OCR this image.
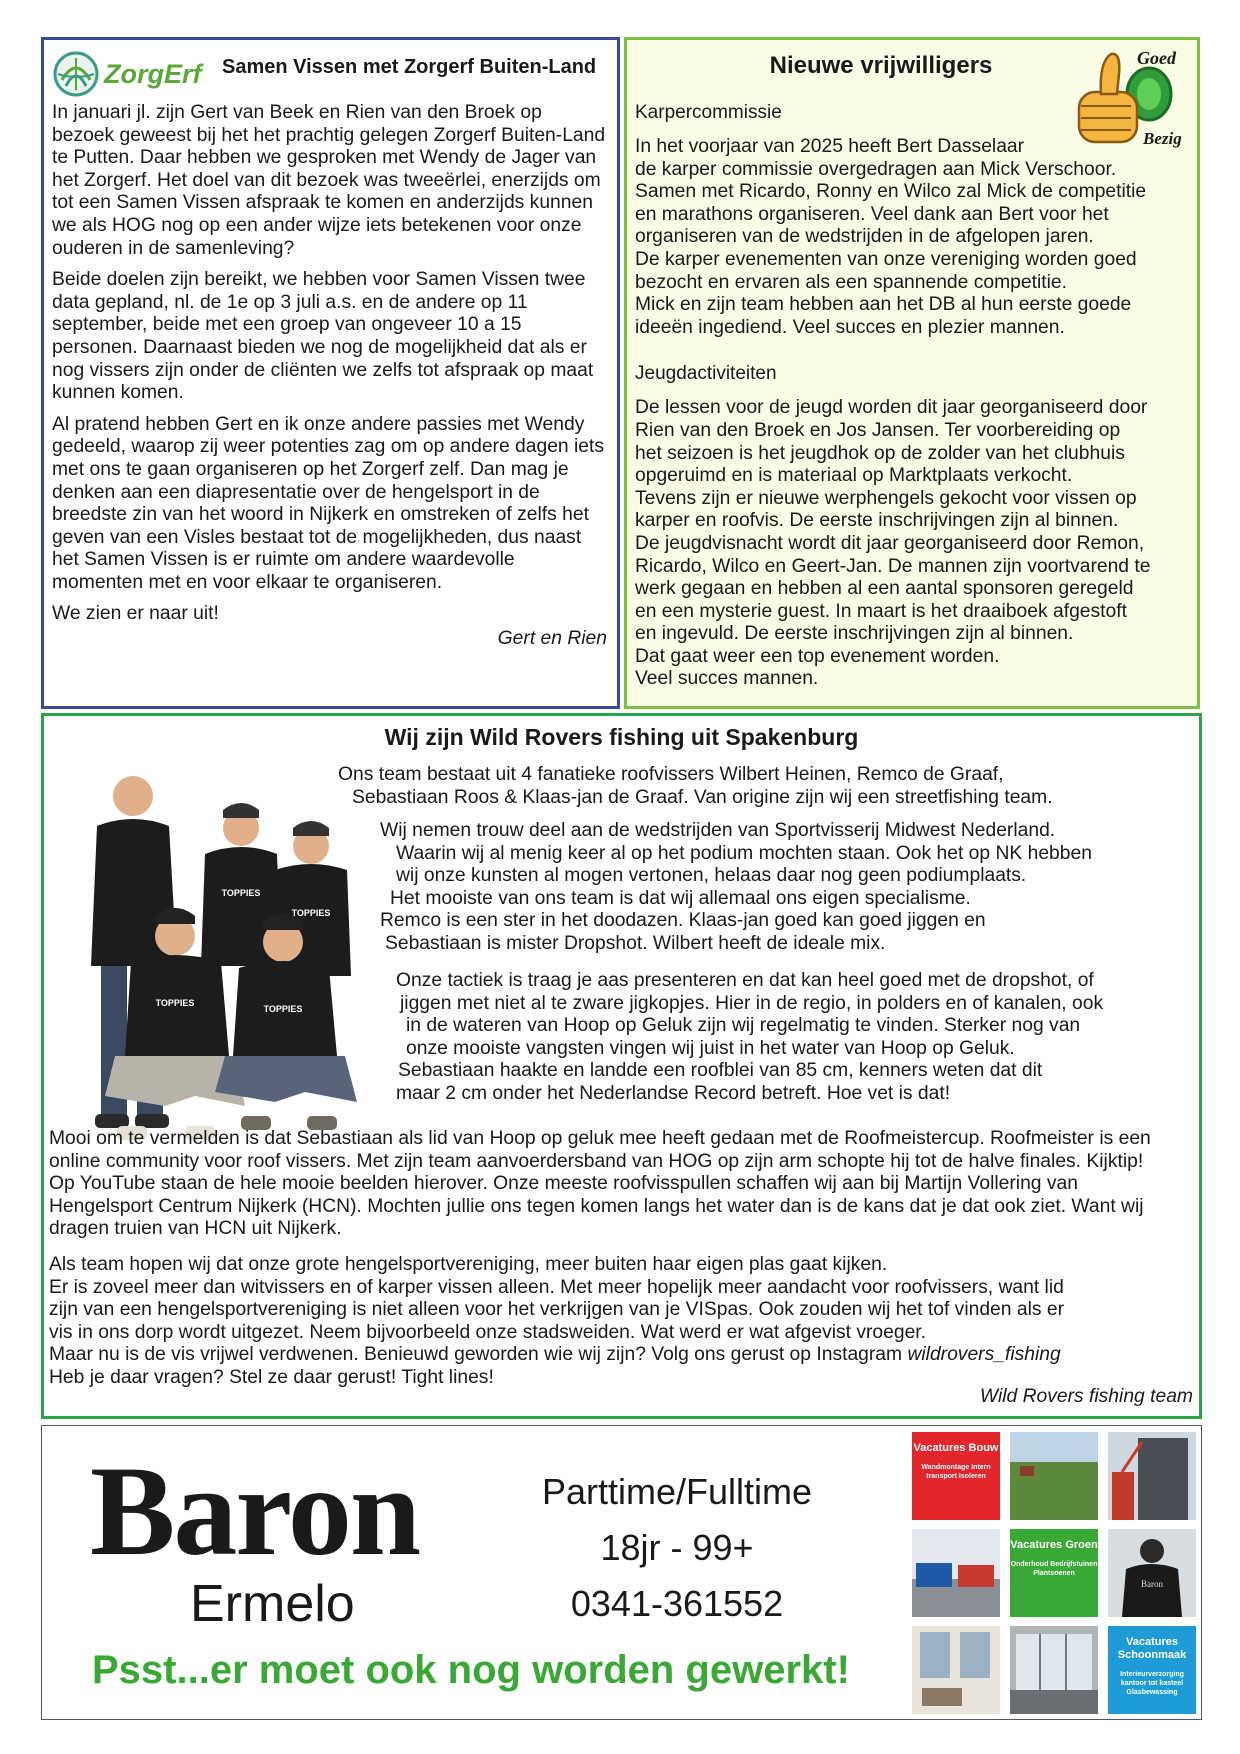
ZorgErf Samen Vissen met Zorgerf Buiten-Land

In januari jl. zijn Gert van Beek en Rien van den Broek op bezoek geweest bij het het prachtig gelegen Zorgerf Buiten-Land te Putten. Daar hebben we gesproken met Wendy de Jager van het Zorgerf. Het doel van dit bezoek was tweeërlei, enerzijds om tot een Samen Vissen afspraak te komen en anderzijds kunnen we als HOG nog op een ander wijze iets betekenen voor onze ouderen in de samenleving?

Beide doelen zijn bereikt, we hebben voor Samen Vissen twee data gepland, nl. de 1e op 3 juli a.s. en de andere op 11 september, beide met een groep van ongeveer 10 a 15 personen. Daarnaast bieden we nog de mogelijkheid dat als er nog vissers zijn onder de cliënten we zelfs tot afspraak op maat kunnen komen.

Al pratend hebben Gert en ik onze andere passies met Wendy gedeeld, waarop zij weer potenties zag om op andere dagen iets met ons te gaan organiseren op het Zorgerf zelf. Dan mag je denken aan een diapresentatie over de hengelsport in de breedste zin van het woord in Nijkerk en omstreken of zelfs het geven van een Visles bestaat tot de mogelijkheden, dus naast het Samen Vissen is er ruimte om andere waardevolle momenten met en voor elkaar te organiseren.

We zien er naar uit!

Gert en Rien
Goed
Bezig
Nieuwe vrijwilligers
Karpercommissie

In het voorjaar van 2025 heeft Bert Dasselaar

de karper commissie overgedragen aan Mick Verschoor.

Samen met Ricardo, Ronny en Wilco zal Mick de competitie

en marathons organiseren. Veel dank aan Bert voor het

organiseren van de wedstrijden in de afgelopen jaren.

De karper evenementen van onze vereniging worden goed

bezocht en ervaren als een spannende competitie.

Mick en zijn team hebben aan het DB al hun eerste goede

ideeën ingediend. Veel succes en plezier mannen.

Jeugdactiviteiten

De lessen voor de jeugd worden dit jaar georganiseerd door

Rien van den Broek en Jos Jansen. Ter voorbereiding op

het seizoen is het jeugdhok op de zolder van het clubhuis

opgeruimd en is materiaal op Marktplaats verkocht.

Tevens zijn er nieuwe werphengels gekocht voor vissen op

karper en roofvis. De eerste inschrijvingen zijn al binnen.

De jeugdvisnacht wordt dit jaar georganiseerd door Remon,

Ricardo, Wilco en Geert-Jan. De mannen zijn voortvarend te

werk gegaan en hebben al een aantal sponsoren geregeld

en een mysterie guest. In maart is het draaiboek afgestoft

en ingevuld. De eerste inschrijvingen zijn al binnen.

Dat gaat weer een top evenement worden.

Veel succes mannen.

Wij zijn Wild Rovers fishing uit Spakenburg
TOPPIES
TOPPIES
TOPPIES
TOPPIES

Ons team bestaat uit 4 fanatieke roofvissers Wilbert Heinen, Remco de Graaf,

Sebastiaan Roos & Klaas-jan de Graaf. Van origine zijn wij een streetfishing team.

Wij nemen trouw deel aan de wedstrijden van Sportvisserij Midwest Nederland.

Waarin wij al menig keer al op het podium mochten staan. Ook het op NK hebben

wij onze kunsten al mogen vertonen, helaas daar nog geen podiumplaats.

Het mooiste van ons team is dat wij allemaal ons eigen specialisme.

Remco is een ster in het doodazen. Klaas-jan goed kan goed jiggen en

Sebastiaan is mister Dropshot. Wilbert heeft de ideale mix.

Onze tactiek is traag je aas presenteren en dat kan heel goed met de dropshot, of

jiggen met niet al te zware jigkopjes. Hier in de regio, in polders en of kanalen, ook

in de wateren van Hoop op Geluk zijn wij regelmatig te vinden. Sterker nog van

onze mooiste vangsten vingen wij juist in het water van Hoop op Geluk.

Sebastiaan haakte en landde een roofblei van 85 cm, kenners weten dat dit

maar 2 cm onder het Nederlandse Record betreft. Hoe vet is dat!

Mooi om te vermelden is dat Sebastiaan als lid van Hoop op geluk mee heeft gedaan met de Roofmeistercup. Roofmeister is een online community voor roof vissers. Met zijn team aanvoerdersband van HOG op zijn arm schopte hij tot de halve finales. Kijktip! Op YouTube staan de hele mooie beelden hierover. Onze meeste roofvisspullen schaffen wij aan bij Martijn Vollering van Hengelsport Centrum Nijkerk (HCN). Mochten jullie ons tegen komen langs het water dan is de kans dat je dat ook ziet. Want wij dragen truien van HCN uit Nijkerk.

Als team hopen wij dat onze grote hengelsportvereniging, meer buiten haar eigen plas gaat kijken.

Er is zoveel meer dan witvissers en of karper vissen alleen. Met meer hopelijk meer aandacht voor roofvissers, want lid

zijn van een hengelsportvereniging is niet alleen voor het verkrijgen van je VISpas. Ook zouden wij het tof vinden als er

vis in ons dorp wordt uitgezet. Neem bijvoorbeeld onze stadsweiden. Wat werd er wat afgevist vroeger.

Maar nu is de vis vrijwel verdwenen. Benieuwd geworden wie wij zijn? Volg ons gerust op Instagram wildrovers_fishing

Heb je daar vragen? Stel ze daar gerust! Tight lines!

Wild Rovers fishing team
Baron
Ermelo
Parttime/Fulltime
18jr - 99+
0341-361552
Psst...er moet ook nog worden gewerkt!
Vacatures Bouw
Wandmontage Intern transport Isoleren
Vacatures Groen
Onderhoud Bedrijfstuinen Plantsoenen
Baron
Vacatures Schoonmaak
Interieurverzorging kantoor tot kasteel Glasbewassing
